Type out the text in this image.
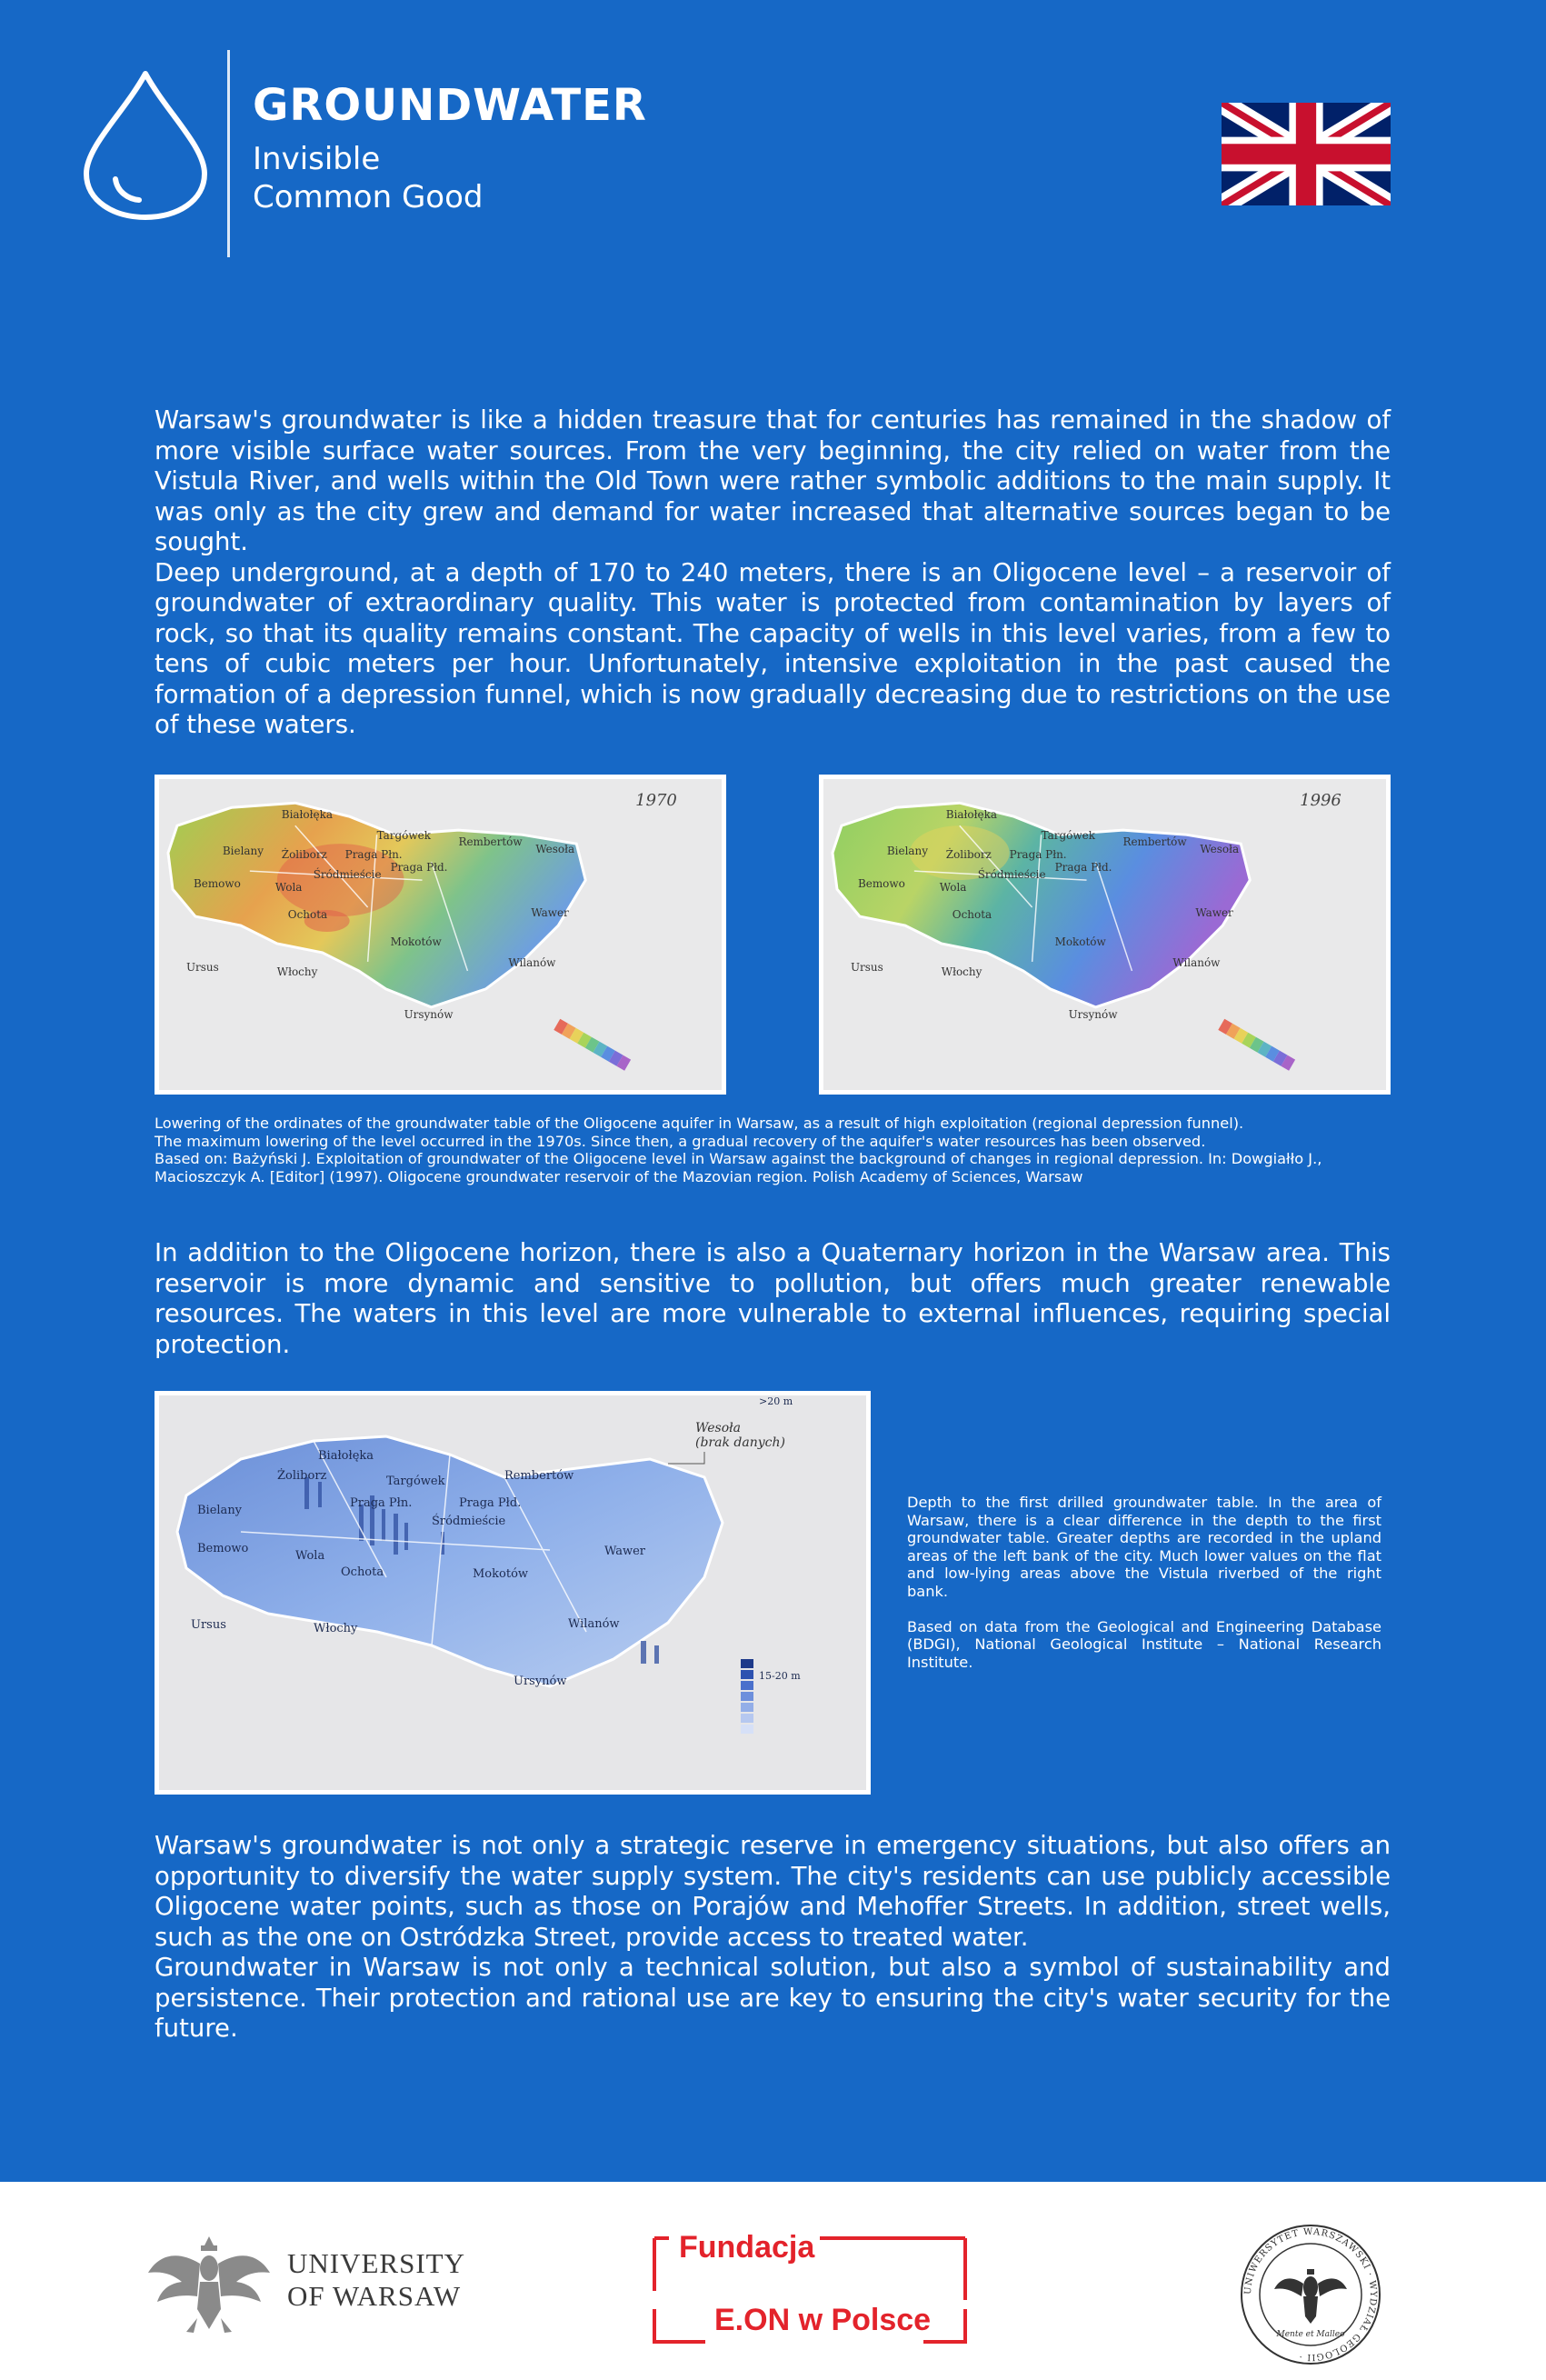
GROUNDWATER
Invisible
Common Good

Warsaw's groundwater is like a hidden treasure that for centuries has remained in the shadow of more visible surface water sources. From the very beginning, the city relied on water from the Vistula River, and wells within the Old Town were rather symbolic additions to the main supply. It was only as the city grew and demand for water increased that alternative sources began to be sought.

Deep underground, at a depth of 170 to 240 meters, there is an Oligocene level – a reservoir of groundwater of extraordinary quality. This water is protected from contamination by layers of rock, so that its quality remains constant. The capacity of wells in this level varies, from a few to tens of cubic meters per hour. Unfortunately, intensive exploitation in the past caused the formation of a depression funnel, which is now gradually decreasing due to restrictions on the use of these waters.

1970
Białołęka
Targówek
Bielany Żoliborz Praga Płn.
Rembertów
Wesoła
Praga Płd.
Bemowo
Śródmieście
Wola
Wawer
Ochota
Mokotów
Ursus	Włochy
Wilanów
Ursynów
1996
Białołęka
Targówek
Bielany Żoliborz Praga Płn.
Rembertów
Wesoła
Praga Płd.
Bemowo
Śródmieście
Wola
Wawer
Ochota
Mokotów
Ursus	Włochy
Wilanów
Ursynów

Lowering of the ordinates of the groundwater table of the Oligocene aquifer in Warsaw, as a result of high exploitation (regional depression funnel).

The maximum lowering of the level occurred in the 1970s. Since then, a gradual recovery of the aquifer's water resources has been observed.

Based on: Bażyński J. Exploitation of groundwater of the Oligocene level in Warsaw against the background of changes in regional depression. In: Dowgiałło J., Macioszczyk A. [Editor] (1997). Oligocene groundwater reservoir of the Mazovian region. Polish Academy of Sciences, Warsaw

In addition to the Oligocene horizon, there is also a Quaternary horizon in the Warsaw area. This reservoir is more dynamic and sensitive to pollution, but offers much greater renewable resources. The waters in this level are more vulnerable to external influences, requiring special protection.

Wesoła
(brak danych)
Białołęka
Żoliborz	Targówek	Rembertów
Bielany
Praga Płn.	Praga Płd.
Śródmieście
Bemowo
Wola	Wawer
Ochota	Mokotów
Ursus	Włochy	Wilanów
Ursynów
>20 m
15-20 m

Depth to the first drilled groundwater table. In the area of Warsaw, there is a clear difference in the depth to the first groundwater table. Greater depths are recorded in the upland areas of the left bank of the city. Much lower values on the flat and low-lying areas above the Vistula riverbed of the right bank.

Based on data from the Geological and Engineering Database (BDGI), National Geological Institute – National Research Institute.

Warsaw's groundwater is not only a strategic reserve in emergency situations, but also offers an opportunity to diversify the water supply system. The city's residents can use publicly accessible Oligocene water points, such as those on Porajów and Mehoffer Streets. In addition, street wells, such as the one on Ostródzka Street, provide access to treated water.

Groundwater in Warsaw is not only a technical solution, but also a symbol of sustainability and persistence. Their protection and rational use are key to ensuring the city's water security for the future.

UNIVERSITY
OF WARSAW
Fundacja
E.ON w Polsce
UNIWERSYTET WARSZAWSKI · WYDZIAŁ GEOLOGII ·
Mente et Malleo
